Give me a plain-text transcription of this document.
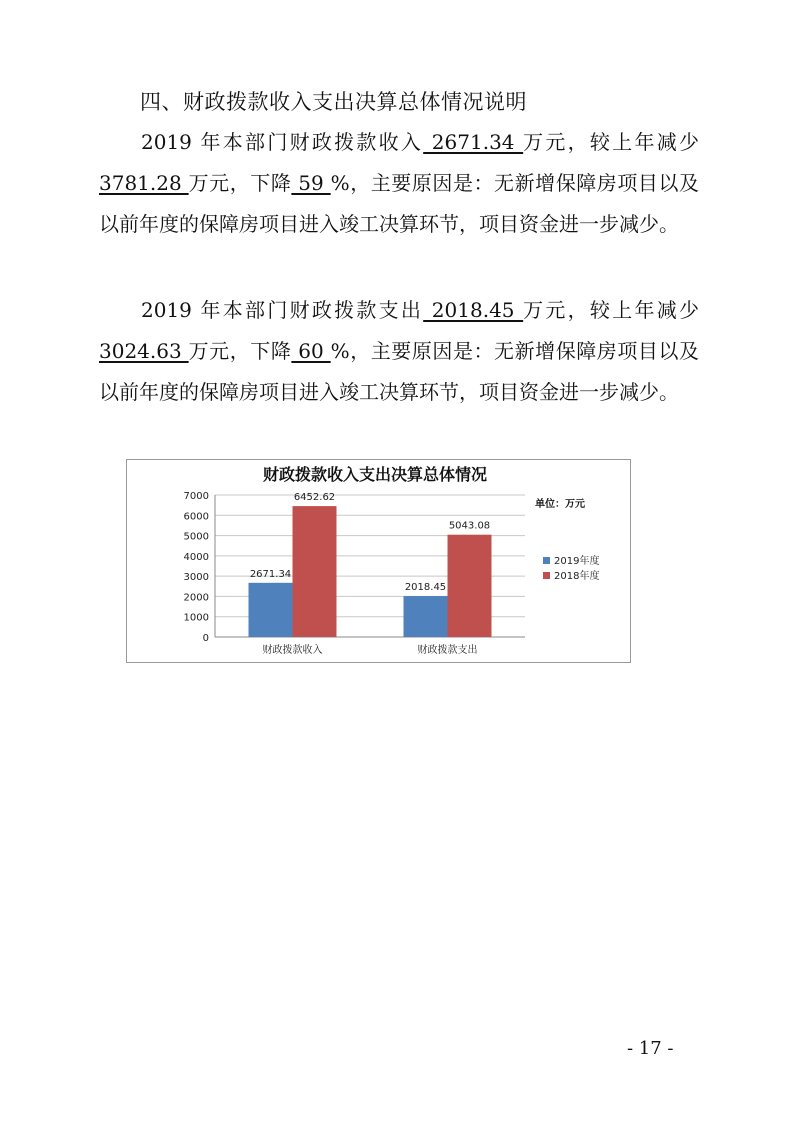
四、财政拨款收入支出决算总体情况说明
2019 年本部门财政拨款收入 2671.34 万元，较上年减少3781.28 万元，下降 59 %，主要原因是：无新增保障房项目以及以前年度的保障房项目进入竣工决算环节，项目资金进一步减少。
2019 年本部门财政拨款支出 2018.45 万元，较上年减少3024.63 万元，下降 60 %，主要原因是：无新增保障房项目以及以前年度的保障房项目进入竣工决算环节，项目资金进一步减少。
财政拨款收入支出决算总体情况
单位：万元
0
1000
2000
3000
4000
5000
6000
7000
2671.34
6452.62
财政拨款收入
2018.45
5043.08
财政拨款支出
2019年度
2018年度
- 17 -
